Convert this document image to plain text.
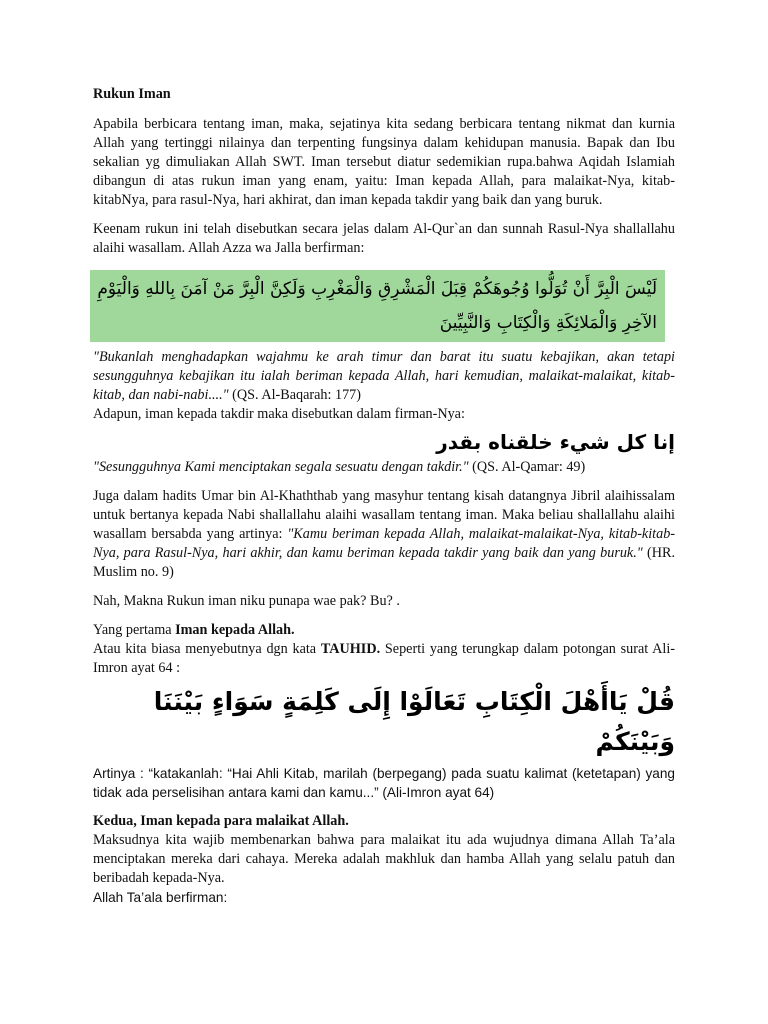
Rukun Iman

Apabila berbicara tentang iman, maka, sejatinya kita sedang berbicara tentang nikmat dan kurnia Allah yang tertinggi nilainya dan terpenting fungsinya dalam kehidupan manusia. Bapak dan Ibu sekalian yg dimuliakan Allah SWT. Iman tersebut diatur sedemikian rupa.bahwa Aqidah Islamiah dibangun di atas rukun iman yang enam, yaitu: Iman kepada Allah, para malaikat-Nya, kitab-kitabNya, para rasul-Nya, hari akhirat, dan iman kepada takdir yang baik dan yang buruk.

Keenam rukun ini telah disebutkan secara jelas dalam Al-Qur`an dan sunnah Rasul-Nya shallallahu alaihi wasallam. Allah Azza wa Jalla berfirman:

لَيْسَ الْبِرَّ أَنْ تُوَلُّوا وُجُوهَكُمْ قِبَلَ الْمَشْرِقِ وَالْمَغْرِبِ وَلَكِنَّ الْبِرَّ مَنْ آمَنَ بِاللهِ وَالْيَوْمِ الآخِرِ وَالْمَلائِكَةِ وَالْكِتَابِ وَالنَّبِيِّينَ

"Bukanlah menghadapkan wajahmu ke arah timur dan barat itu suatu kebajikan, akan tetapi sesungguhnya kebajikan itu ialah beriman kepada Allah, hari kemudian, malaikat-malaikat, kitab-kitab, dan nabi-nabi...." (QS. Al-Baqarah: 177)

Adapun, iman kepada takdir maka disebutkan dalam firman-Nya:

إنا كل شيء خلقناه بقدر

"Sesungguhnya Kami menciptakan segala sesuatu dengan takdir." (QS. Al-Qamar: 49)

Juga dalam hadits Umar bin Al-Khaththab yang masyhur tentang kisah datangnya Jibril alaihissalam untuk bertanya kepada Nabi shallallahu alaihi wasallam tentang iman. Maka beliau shallallahu alaihi wasallam bersabda yang artinya: "Kamu beriman kepada Allah, malaikat-malaikat-Nya, kitab-kitab-Nya, para Rasul-Nya, hari akhir, dan kamu beriman kepada takdir yang baik dan yang buruk." (HR. Muslim no. 9)

Nah, Makna Rukun iman niku punapa wae pak? Bu? .

Yang pertama Iman kepada Allah.

Atau kita biasa menyebutnya dgn kata TAUHID. Seperti yang terungkap dalam potongan surat Ali-Imron ayat 64 :

قُلْ يَاأَهْلَ الْكِتَابِ تَعَالَوْا إِلَى كَلِمَةٍ سَوَاءٍ بَيْنَنَا وَبَيْنَكُمْ

Artinya : “katakanlah: “Hai Ahli Kitab, marilah (berpegang) pada suatu kalimat (ketetapan) yang tidak ada perselisihan antara kami dan kamu...” (Ali-Imron ayat 64)

Kedua, Iman kepada para malaikat Allah.

Maksudnya kita wajib membenarkan bahwa para malaikat itu ada wujudnya dimana Allah Ta’ala menciptakan mereka dari cahaya. Mereka adalah makhluk dan hamba Allah yang selalu patuh dan beribadah kepada-Nya.

Allah Ta’ala berfirman:
